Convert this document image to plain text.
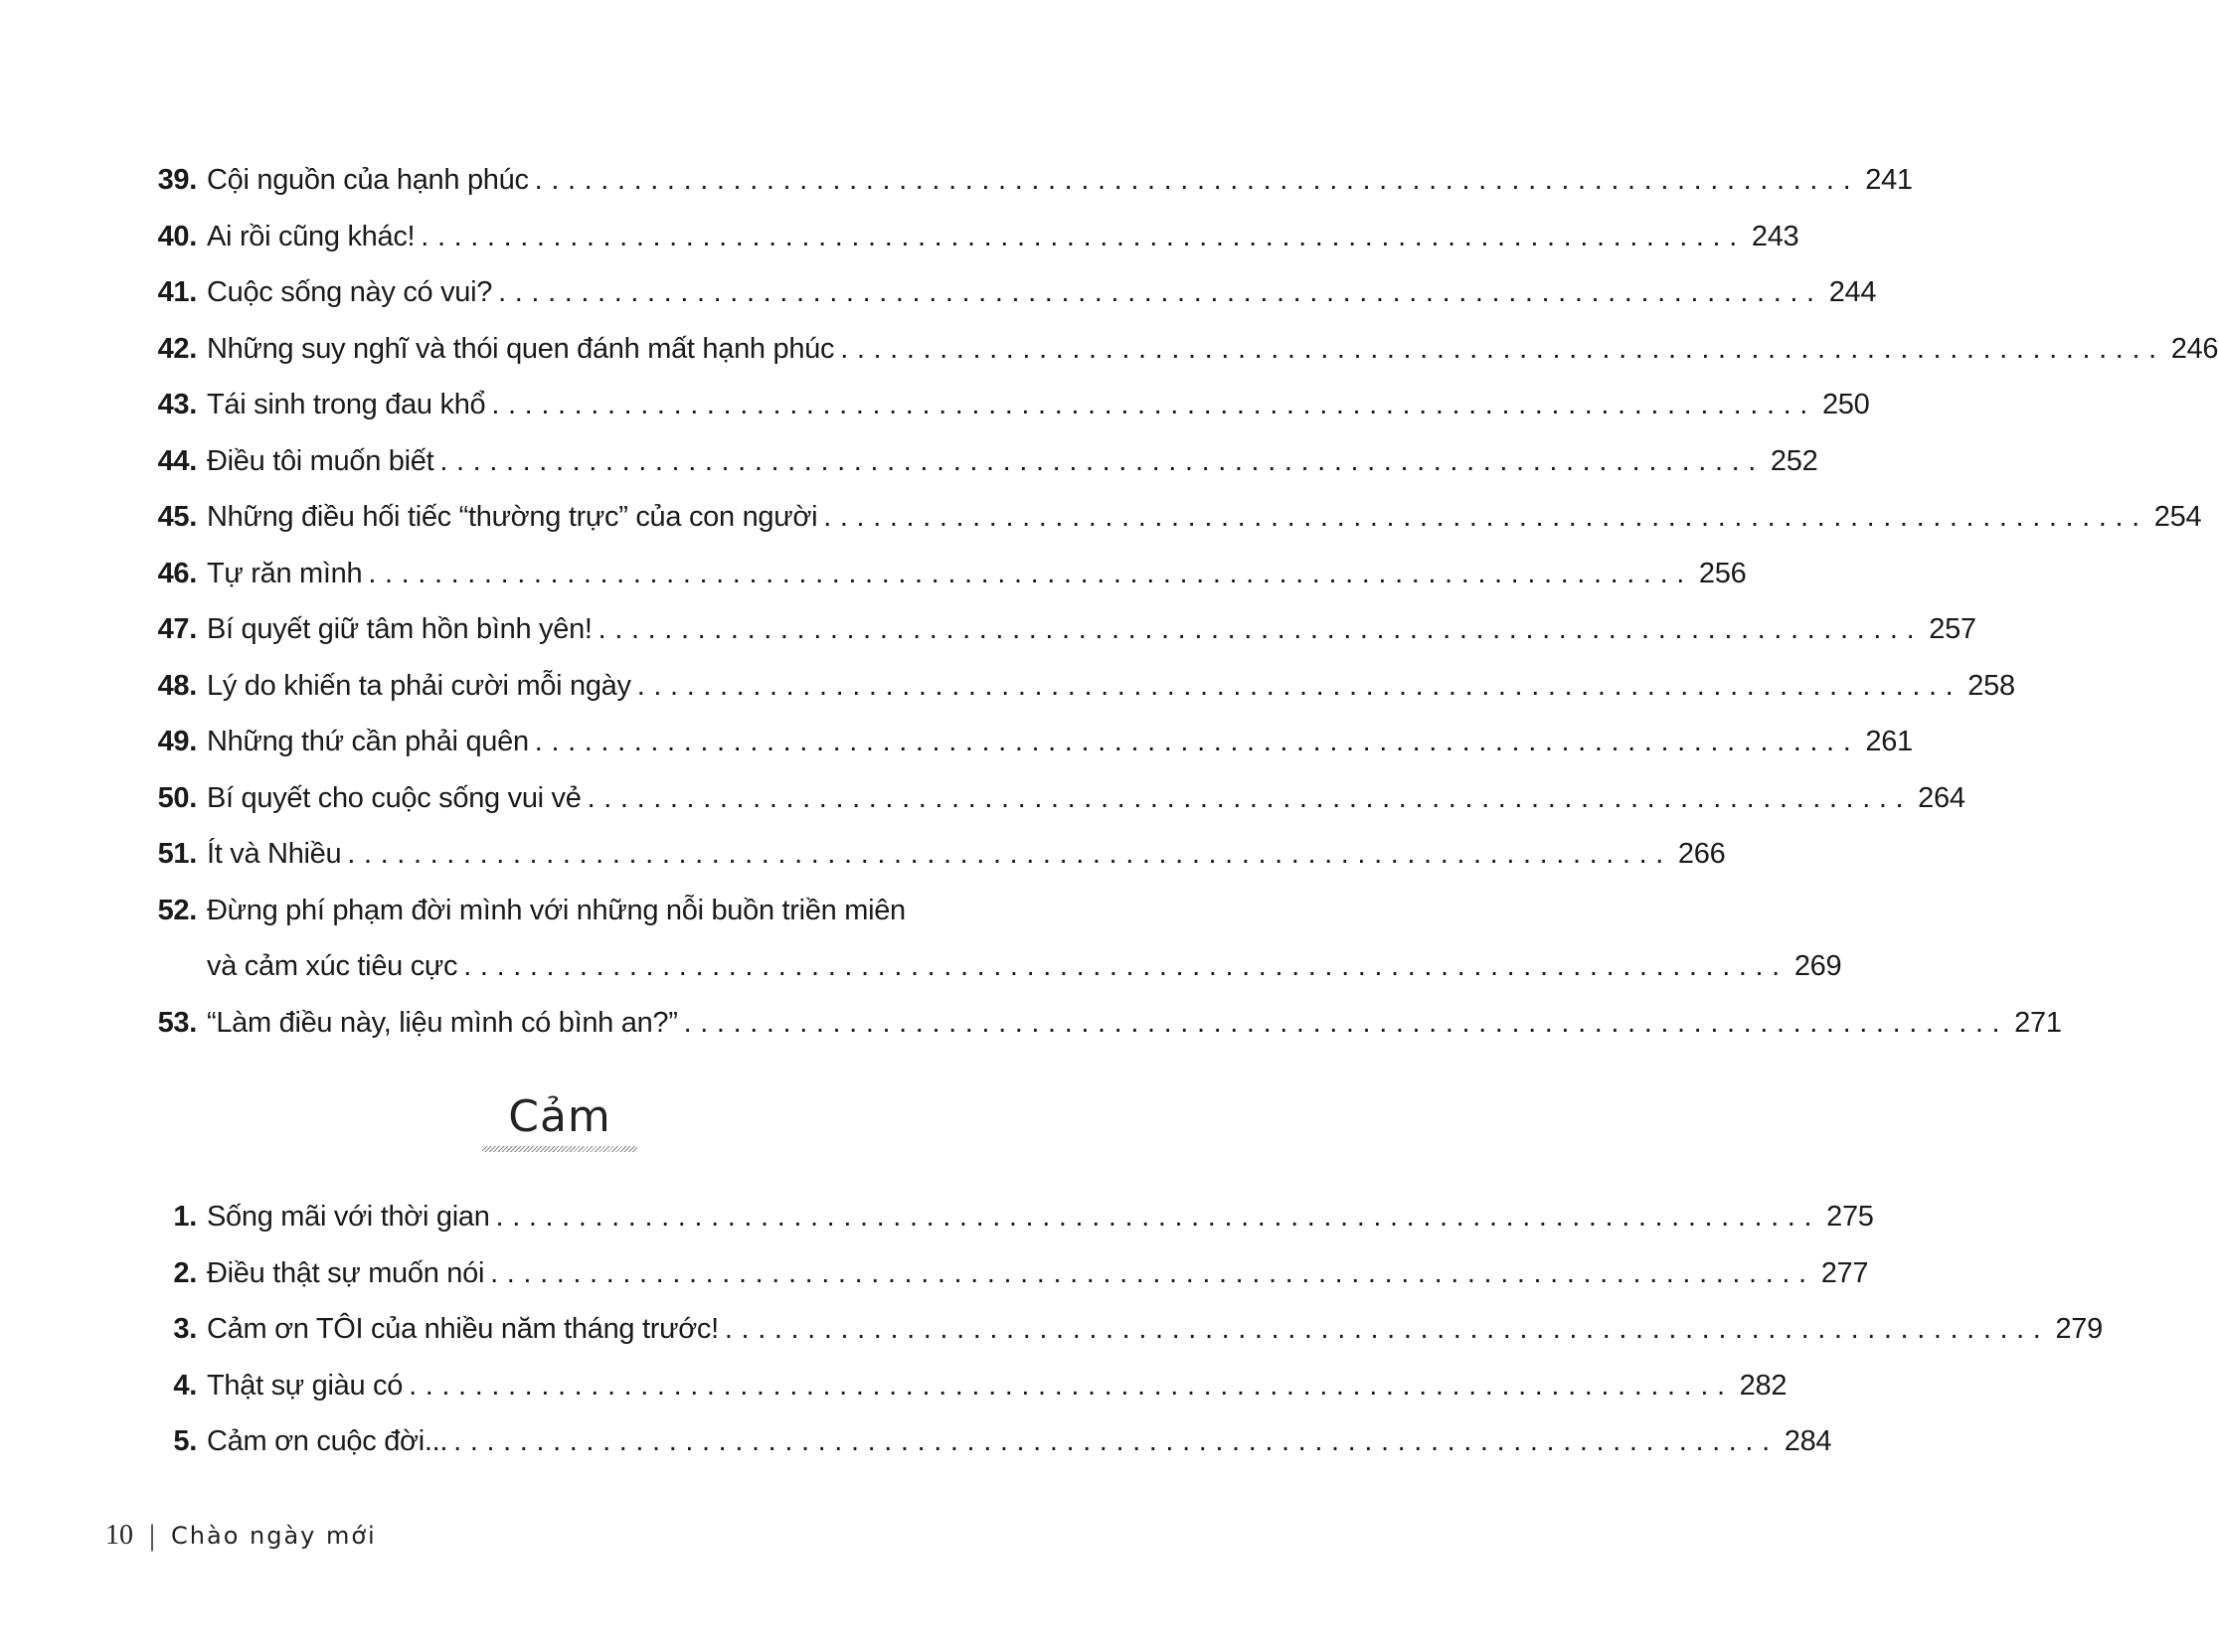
39. Cội nguồn của hạnh phúc ................................................................................ 241
40. Ai rồi cũng khác! ................................................................................ 243
41. Cuộc sống này có vui? ................................................................................ 244
42. Những suy nghĩ và thói quen đánh mất hạnh phúc ................................................................................ 246
43. Tái sinh trong đau khổ ................................................................................ 250
44. Điều tôi muốn biết ................................................................................ 252
45. Những điều hối tiếc “thường trực” của con người ................................................................................ 254
46. Tự răn mình ................................................................................ 256
47. Bí quyết giữ tâm hồn bình yên! ................................................................................ 257
48. Lý do khiến ta phải cười mỗi ngày ................................................................................ 258
49. Những thứ cần phải quên ................................................................................ 261
50. Bí quyết cho cuộc sống vui vẻ ................................................................................ 264
51. Ít và Nhiều ................................................................................ 266
52. Đừng phí phạm đời mình với những nỗi buồn triền miên
và cảm xúc tiêu cực ................................................................................ 269
53. “Làm điều này, liệu mình có bình an?” ................................................................................ 271
Cảm
1. Sống mãi với thời gian ................................................................................ 275
2. Điều thật sự muốn nói ................................................................................ 277
3. Cảm ơn TÔI của nhiều năm tháng trước! ................................................................................ 279
4. Thật sự giàu có ................................................................................ 282
5. Cảm ơn cuộc đời... ................................................................................ 284
10 | Chào ngày mới
